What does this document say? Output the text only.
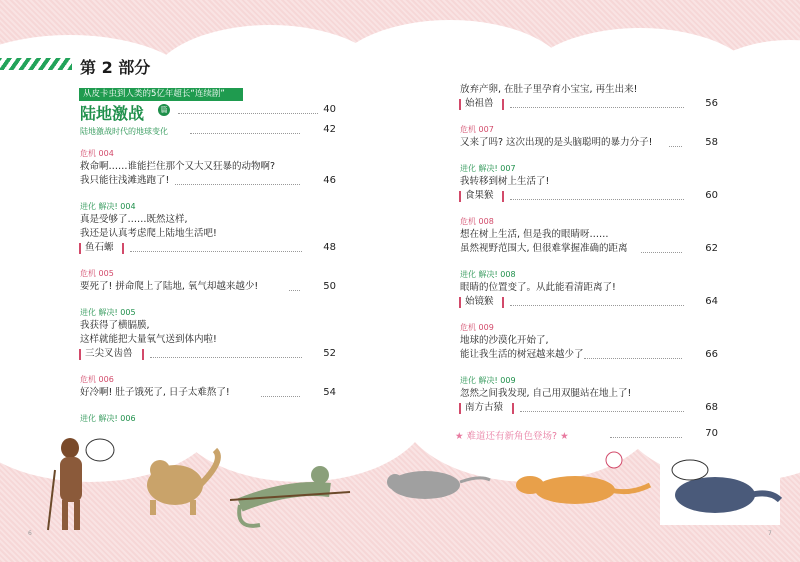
第 2 部分
从皮卡虫到人类的5亿年超长“连续剧”
陆地激战	篇	40
陆地激战时代的地球变化	42
危机 004
救命啊……谁能拦住那个又大又狂暴的动物啊?
我只能往浅滩逃跑了!	46
进化 解决! 004
真是受够了……既然这样,
我还是认真考虑爬上陆地生活吧!
鱼石螈	48
危机 005
要死了! 拼命爬上了陆地, 氧气却越来越少!	50
进化 解决! 005
我获得了横膈膜,
这样就能把大量氧气送到体内啦!
三尖叉齿兽	52
危机 006
好冷啊! 肚子饿死了, 日子太难熬了!	54
进化 解决! 006
放弃产卵, 在肚子里孕育小宝宝, 再生出来!
始祖兽	56
危机 007
又来了吗? 这次出现的是头脑聪明的暴力分子!	58
进化 解决! 007
我转移到树上生活了!
食果猴	60
危机 008
想在树上生活, 但是我的眼睛呀……
虽然视野范围大, 但很难掌握准确的距离	62
进化 解决! 008
眼睛的位置变了。从此能看清距离了!
始镜猴	64
危机 009
地球的沙漠化开始了,
能让我生活的树冠越来越少了	66
进化 解决! 009
忽然之间我发现, 自己用双腿站在地上了!
南方古猿	68
★ 难道还有新角色登场? ★	70
6	7
